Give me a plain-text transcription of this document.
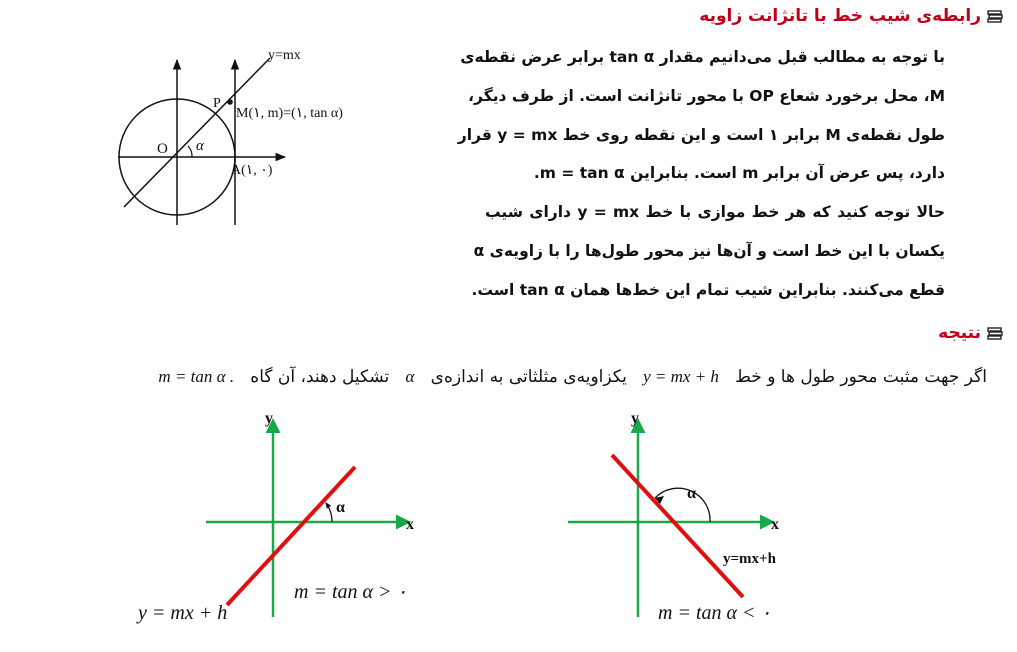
رابطه‌ی شیب خط با تانژانت زاویه
با توجه به مطالب قبل می‌دانیم مقدار tan α برابر عرض نقطه‌ی
M، محل برخورد شعاع OP با محور تانژانت است. از طرف دیگر،
طول نقطه‌ی M برابر ۱ است و این نقطه روی خط y = mx قرار
دارد، پس عرض آن برابر m است. بنابراین m = tan α.
حالا توجه کنید که هر خط موازی با خط y = mx دارای شیب
یکسان با این خط است و آن‌ها نیز محور طول‌ها را با زاویه‌ی α
قطع می‌کنند. بنابراین شیب تمام این خط‌ها همان tan α است.
y=mx
P
M(۱, m)=(۱, tan α)
O α
A(۱, ۰)
نتیجه
اگر جهت مثبت محور طول ها و خط   y = mx + h   یکزاویه‌ی مثلثاتی به اندازه‌ی   α   تشکیل دهند، آن گاه   m = tan α .
y
x
α
m = tan α > ۰
y = mx + h
y
x
α
y=mx+h
m = tan α < ۰
